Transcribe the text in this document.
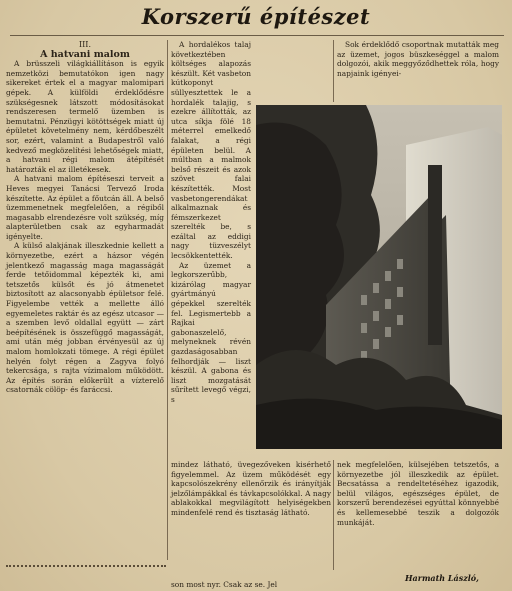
Korszerű építészet

III.

A hatvani malom

A brüsszeli világkiállításon is egyik nemzetközi bemutatókon igen nagy sikereket értek el a magyar malomipari gépek. A külföldi érdeklődésre szükségesnek látszott módosításokat rendszeresen termelő üzemben is bemutatni. Pénzügyi kötöttségek miatt új épületet követelmény nem, kérdőbeszélt sor, ezért, valamint a Budapestről való kedvező megközelítési lehetőségek miatt, a hatvani régi malom átépítését határozták el az illetékesek.

A hatvani malom építéseszi terveit a Heves megyei Tanácsi Tervező Iroda készítette. Az épület a főutcán áll. A belső üzemmenetnek megfelelően, a régiből magasabb elrendezésre volt szükség, míg alapterületben csak az egyharmadát igényelte.

A külső alakjának illeszkednie kellett a környezetbe, ezért a házsor végén jelentkező magasság maga magasságát ferde tetőidommal képezték ki, ami tetszetős külsőt és jó átmenetet biztosított az alacsonyabb épületsor felé. Figyelembe vették a mellette álló egyemeletes raktár és az egész utcasor — a szemben levő oldallal együtt — zárt beépítésének is összefüggő magasságát, ami után még jobban érvényesül az új malom homlokzati tömege. A régi épület helyén folyt régen a Zagyva folyó tekercsága, s rajta vízimalom működött. Az építés során előkerült a vízterelő csatornák cölöp- és faráccsi.

A hordalékos talaj következtében költséges alapozás készült. Két vasbeton kútkoponyt süllyesztettek le a hordalék talajig, s ezekre állították, az utca síkja fölé 18 méterrel emelkedő falakat, a régi épületen belül. A múltban a malmok belső részeit és azok szövet falai készítették. Most vasbetongerendákat alkalmaznak és fémszerkezet szerelték be, s ezáltal az eddigi nagy tüzveszélyt lecsökkentették.

Az üzemet a legkorszerűbb, kizárólag magyar gyártmányú gépekkel szerelték fel. Legismertebb a Rajkai gabonaszelelő, melyneknek révén gazdaságosabban felhordják — liszt készül. A gabona és liszt mozgatását sűrített levegő végzi, s

Sok érdeklődő csoportnak mutatták meg az üzemet, jogos büszkeséggel a malom dolgozói, akik meggyőződhettek róla, hogy napjaink igényei-

mindez látható, üvegezőveken kisérhető figyelemmel. Az üzem működését egy kapcsolószekrény ellenőrzik és irányítják jelzőlámpákkal és távkapcsolókkal. A nagy ablakokkal megvilágított helyiségekben mindenfelé rend és tisztaság látható.

nek megfelelően, külsejében tetszetős, a környezetbe jól illeszkedik az épület. Becsatássa a rendeltetéséhez igazodik, belül világos, egészséges épület, de korszerű berendezései egyúttal könnyebbé és kellemesebbé teszik a dolgozók munkáját.

son most nyr. Csak az se. Jel
Harmath László,
